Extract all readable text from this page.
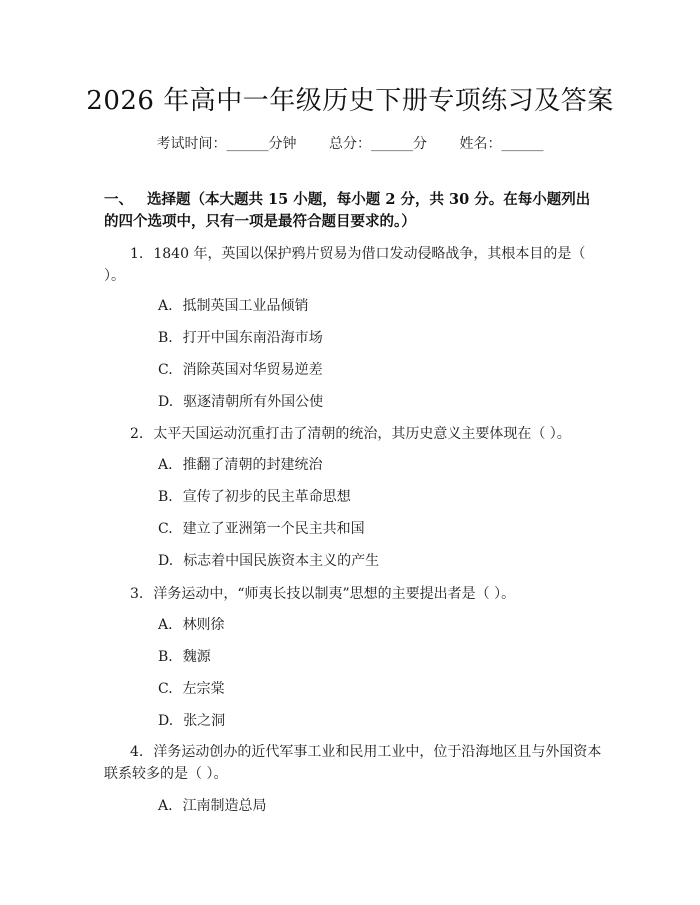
2026 年高中一年级历史下册专项练习及答案
考试时间：______分钟 总分：______分 姓名：______
一、 选择题（本大题共 15 小题，每小题 2 分，共 30 分。在每小题列出的四个选项中，只有一项是最符合题目要求的。）
1. 1840 年，英国以保护鸦片贸易为借口发动侵略战争，其根本目的是（ ）。
A. 抵制英国工业品倾销
B. 打开中国东南沿海市场
C. 消除英国对华贸易逆差
D. 驱逐清朝所有外国公使
2. 太平天国运动沉重打击了清朝的统治，其历史意义主要体现在（ ）。
A. 推翻了清朝的封建统治
B. 宣传了初步的民主革命思想
C. 建立了亚洲第一个民主共和国
D. 标志着中国民族资本主义的产生
3. 洋务运动中，“师夷长技以制夷”思想的主要提出者是（ ）。
A. 林则徐
B. 魏源
C. 左宗棠
D. 张之洞
4. 洋务运动创办的近代军事工业和民用工业中，位于沿海地区且与外国资本联系较多的是（ ）。
A. 江南制造总局
